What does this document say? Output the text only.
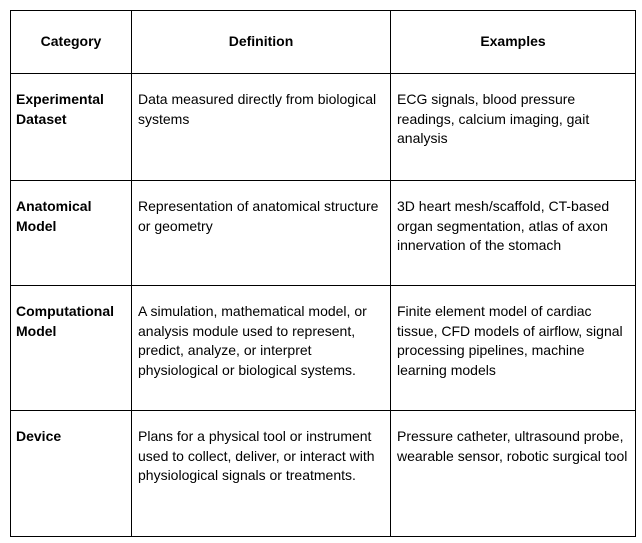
Category	Definition	Examples

Experimental Dataset	Data measured directly from biological systems	ECG signals, blood pressure readings, calcium imaging, gait analysis

Anatomical Model	Representation of anatomical structure or geometry	3D heart mesh/scaffold, CT-based organ segmentation, atlas of axon innervation of the stomach

Computational Model	A simulation, mathematical model, or analysis module used to represent, predict, analyze, or interpret physiological or biological systems.	Finite element model of cardiac tissue, CFD models of airflow, signal processing pipelines, machine learning models

Device	Plans for a physical tool or instrument used to collect, deliver, or interact with physiological signals or treatments.	Pressure catheter, ultrasound probe, wearable sensor, robotic surgical tool
